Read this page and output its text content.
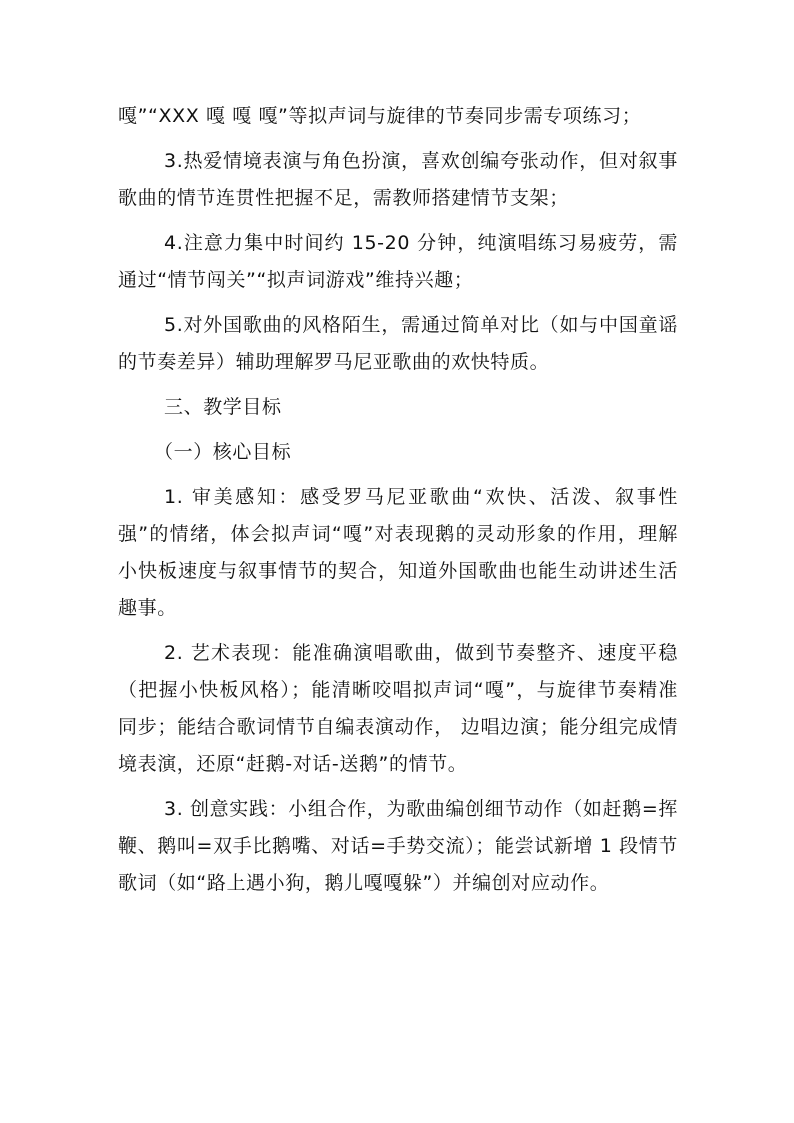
嘎”“XXX 嘎 嘎 嘎”等拟声词与旋律的节奏同步需专项练习；

3.热爱情境表演与角色扮演，喜欢创编夸张动作，但对叙事歌曲的情节连贯性把握不足，需教师搭建情节支架；

4.注意力集中时间约 15-20 分钟，纯演唱练习易疲劳，需通过“情节闯关”“拟声词游戏”维持兴趣；

5.对外国歌曲的风格陌生，需通过简单对比（如与中国童谣的节奏差异）辅助理解罗马尼亚歌曲的欢快特质。

三、教学目标

（一）核心目标

1. 审美感知：感受罗马尼亚歌曲“欢快、活泼、叙事性强”的情绪，体会拟声词“嘎”对表现鹅的灵动形象的作用，理解小快板速度与叙事情节的契合，知道外国歌曲也能生动讲述生活趣事。

2. 艺术表现：能准确演唱歌曲，做到节奏整齐、速度平稳（把握小快板风格）；能清晰咬唱拟声词“嘎”，与旋律节奏精准同步；能结合歌词情节自编表演动作， 边唱边演；能分组完成情境表演，还原“赶鹅-对话-送鹅”的情节。

3. 创意实践：小组合作，为歌曲编创细节动作（如赶鹅=挥鞭、鹅叫=双手比鹅嘴、对话=手势交流）；能尝试新增 1 段情节歌词（如“路上遇小狗，鹅儿嘎嘎躲”）并编创对应动作。
